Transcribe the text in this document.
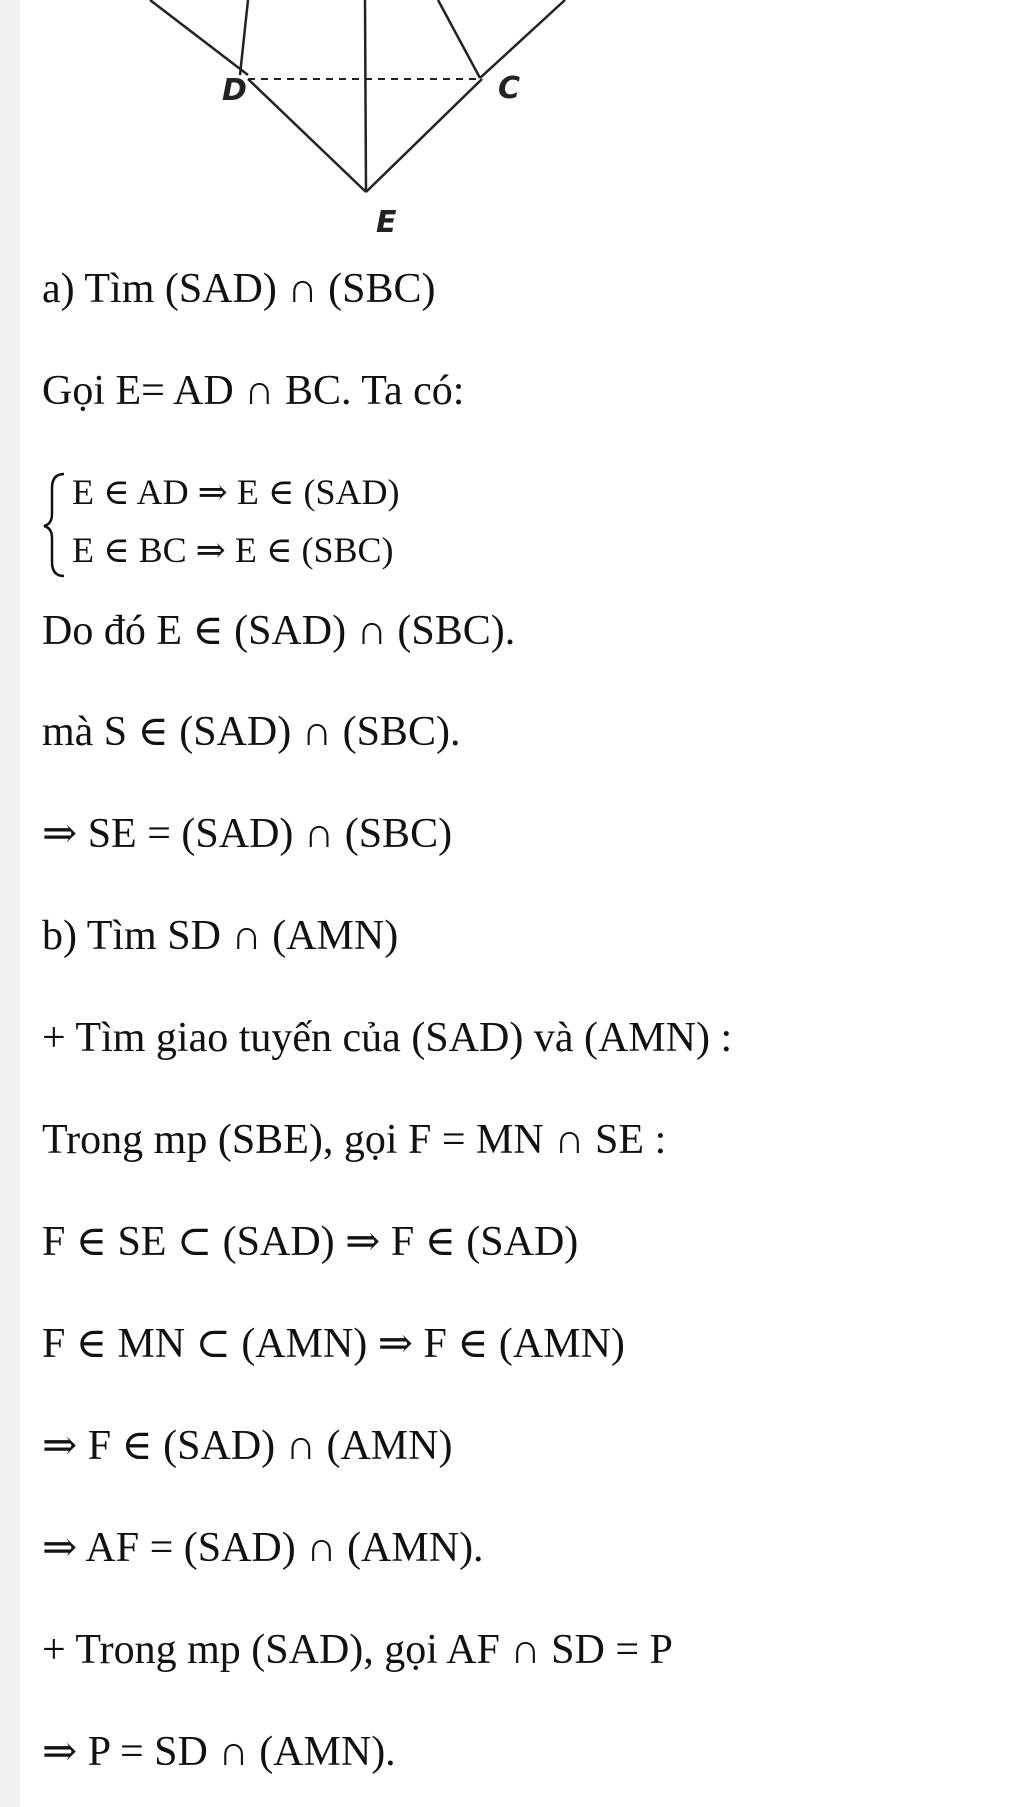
D	C
E
a) Tìm (SAD) ∩ (SBC)
Gọi E= AD ∩ BC. Ta có:
E ∈ AD ⇒ E ∈ (SAD)
E ∈ BC ⇒ E ∈ (SBC)
Do đó E ∈ (SAD) ∩ (SBC).
mà S ∈ (SAD) ∩ (SBC).
⇒ SE = (SAD) ∩ (SBC)
b) Tìm SD ∩ (AMN)
+ Tìm giao tuyến của (SAD) và (AMN) :
Trong mp (SBE), gọi F = MN ∩ SE :
F ∈ SE ⊂ (SAD) ⇒ F ∈ (SAD)
F ∈ MN ⊂ (AMN) ⇒ F ∈ (AMN)
⇒ F ∈ (SAD) ∩ (AMN)
⇒ AF = (SAD) ∩ (AMN).
+ Trong mp (SAD), gọi AF ∩ SD = P
⇒ P = SD ∩ (AMN).
